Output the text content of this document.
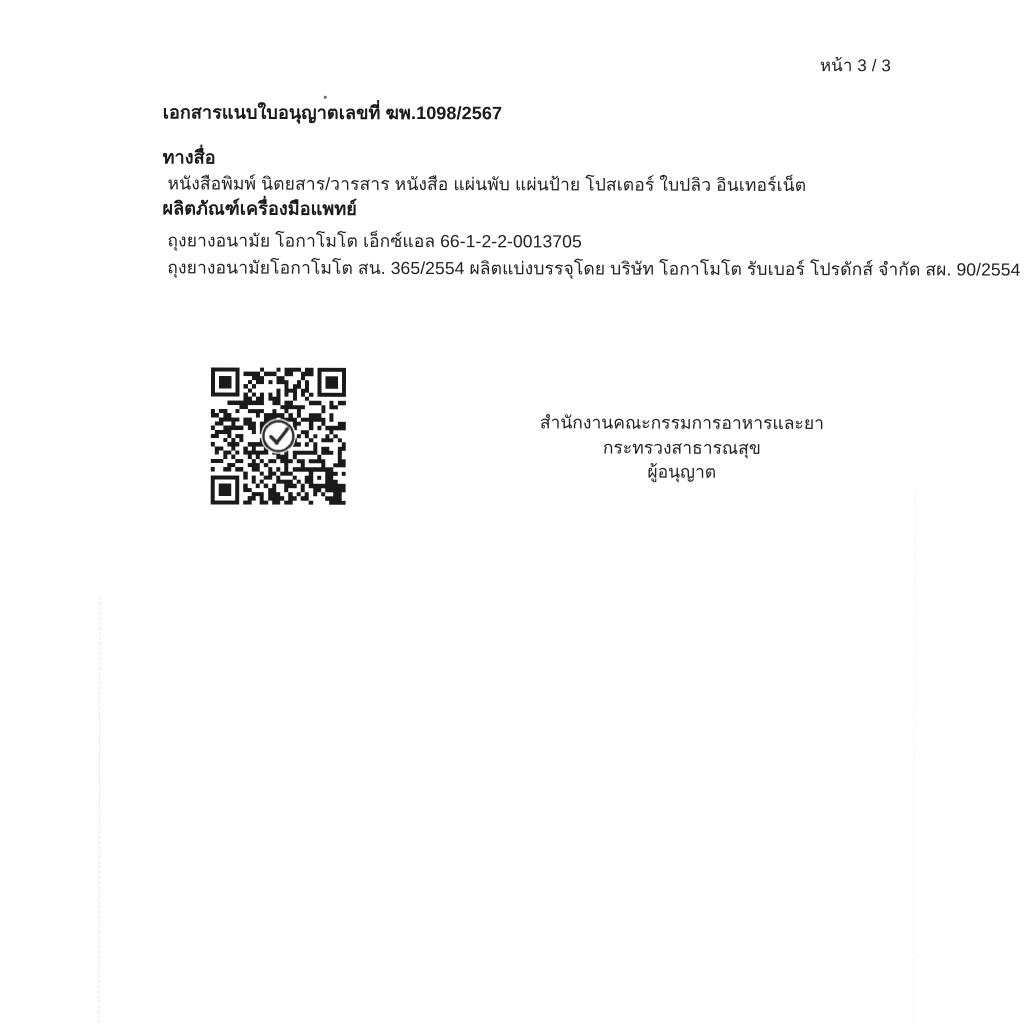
หน้า 3 / 3
เอกสารแนบใบอนุญาตเลขที่ ฆพ.1098/2567
ทางสื่อ
หนังสือพิมพ์ นิตยสาร/วารสาร หนังสือ แผ่นพับ แผ่นป้าย โปสเตอร์ ใบปลิว อินเทอร์เน็ต
ผลิตภัณฑ์เครื่องมือแพทย์
ถุงยางอนามัย โอกาโมโต เอ็กซ์แอล 66-1-2-2-0013705
ถุงยางอนามัยโอกาโมโต สน. 365/2554 ผลิตแบ่งบรรจุโดย บริษัท โอกาโมโต รับเบอร์ โปรดักส์ จำกัด สผ. 90/2554
สำนักงานคณะกรรมการอาหารและยา
กระทรวงสาธารณสุข
ผู้อนุญาต
